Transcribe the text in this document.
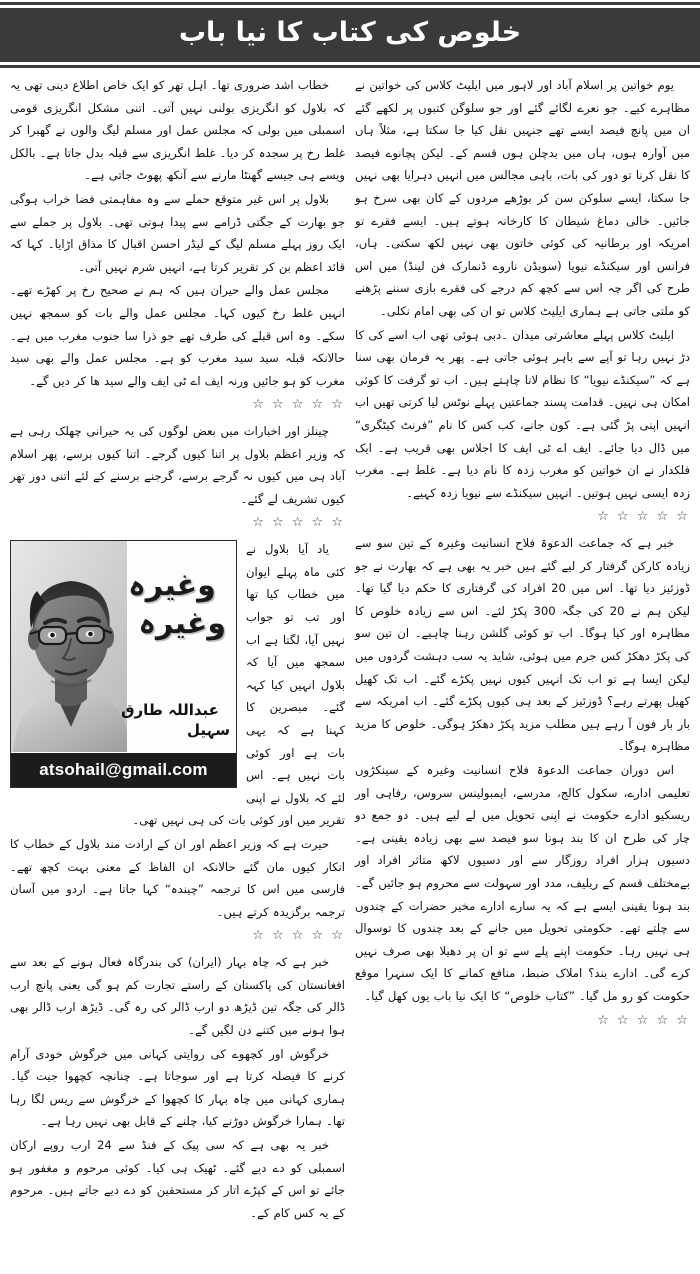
خلوص کی کتاب کا نیا باب

یوم خواتین پر اسلام آباد اور لاہور میں ایلیٹ کلاس کی خواتین نے مظاہرے کیے۔ جو نعرے لگائے گئے اور جو سلوگن کتبوں پر لکھے گئے ان میں پانچ فیصد ایسے تھے جنہیں نقل کیا جا سکتا ہے، مثلاً ہاں میں آوارہ ہوں، ہاں میں بدچلن ہوں قسم کے۔ لیکن پچانوے فیصد کا نقل کرنا تو دور کی بات، باہی مجالس میں انہیں دہرایا بھی نہیں جا سکتا، ایسے سلوکن سن کر بوڑھے مردوں کے کان بھی سرخ ہو جائیں۔ خالی دماغ شیطان کا کارخانہ ہوتے ہیں۔ ایسے فقرے تو امریکہ اور برطانیہ کی کوئی خاتون بھی نہیں لکھ سکتی۔ ہاں، فرانس اور سیکنڈے نیویا (سویڈن ناروے ڈنمارک فن لینڈ) میں اس طرح کی اگر چہ اس سے کچھ کم درجے کی فقرے بازی سننے پڑھنے کو ملتی جاتی ہے ہماری ایلیٹ کلاس تو ان کی بھی امام نکلی۔

ایلیٹ کلاس پہلے معاشرتی میدان ۔دبی ہوئی تھی اب اسے کی کا دڑ نہیں رہا تو آپے سے باہر ہوئی جاتی ہے۔ پھر یہ فرمان بھی سنا ہے کہ ”سیکنڈے نیویا“ کا نظام لانا چاہتے ہیں۔ اب تو گرفت کا کوئی امکان ہی نہیں۔ قدامت پسند جماعتیں پہلے نوٹس لیا کرتی تھیں اب انہیں اپنی پڑ گئی ہے۔ کون جانے، کب کس کا نام ”فرنٹ کیٹگری“ میں ڈال دیا جائے۔ ایف اے ٹی ایف کا اجلاس بھی قریب ہے۔ ایک فلکدار نے ان خواتین کو مغرب زدہ کا نام دیا ہے۔ غلط ہے۔ مغرب زدہ ایسی نہیں ہوتیں۔ انہیں سیکنڈے سے نیویا زدہ کہیے۔

☆ ☆ ☆ ☆ ☆

خبر ہے کہ جماعت الدعوۃ فلاح انسانیت وغیرہ کے تین سو سے زیادہ کارکن گرفتار کر لیے گئے ہیں خبر یہ بھی ہے کہ بھارت نے جو ڈوزئیز دیا تھا۔ اس میں 20 افراد کی گرفتاری کا حکم دیا گیا تھا۔ لیکن ہم نے 20 کی جگہ 300 پکڑ لئے۔ اس سے زیادہ خلوص کا مظاہرہ اور کیا ہوگا۔ اب تو کوئی گلشن رہنا چاہیے۔ ان تین سو کی پکڑ دھکڑ کس جرم میں ہوئی، شاید یہ سب دہشت گردوں میں لیکن ایسا ہے تو اب تک انہیں کیوں نہیں پکڑے گئے۔ اب تک کھیل کھیل پھرتے رہے؟ ڈوزئیز کے بعد ہی کیوں پکڑے گئے۔ اب امریکہ سے بار بار فون آ رہے ہیں مطلب مزید پکڑ دھکڑ ہوگی۔ خلوص کا مزید مظاہرہ ہوگا۔

اس دوران جماعت الدعوۃ فلاح انسانیت وغیرہ کے سینکڑوں تعلیمی ادارے، سکول کالج، مدرسے، ایمبولینس سروس، رفاہی اور ریسکیو ادارے حکومت نے اپنی تحویل میں لے لیے ہیں۔ دو جمع دو چار کی طرح ان کا بند ہونا سو فیصد سے بھی زیادہ یقینی ہے۔ دسیوں ہزار افراد روزگار سے اور دسیوں لاکھ متاثر افراد اور بےمختلف قسم کے ریلیف، مدد اور سہولت سے محروم ہو جائیں گے۔ بند ہونا یقینی ایسے ہے کہ یہ سارے ادارے مخیر حضرات کے چندوں سے چلتے تھے۔ حکومتی تحویل میں جانے کے بعد چندوں کا توسوال ہی نہیں رہا۔ حکومت اپنے پلے سے تو ان پر دھیلا بھی صرف نہیں کرے گی۔ ادارے بند؟ املاک ضبط، منافع کمانے کا ایک سنہرا موقع حکومت کو رو مل گیا۔ ”کتاب خلوص“ کا ایک نیا باب یوں کھل گیا۔

☆ ☆ ☆ ☆ ☆

خطاب اشد ضروری تھا۔ اہل تھر کو ایک خاص اطلاع دینی تھی یہ کہ بلاول کو انگریزی بولنی نہیں آتی۔ اتنی مشکل انگریزی قومی اسمبلی میں بولی کہ مجلس عمل اور مسلم لیگ والوں نے گھبرا کر غلط رخ پر سجدہ کر دیا۔ غلط انگریزی سے قبلہ بدل جاتا ہے۔ بالکل ویسے ہی جیسے گھنٹا مارنے سے آنکھ پھوٹ جاتی ہے۔

بلاول پر اس غیر متوقع حملے سے وہ مفاہمتی فضا خراب ہوگی جو بھارت کے جگتی ڈرامے سے پیدا ہوتی تھی۔ بلاول پر جملے سے ایک روز پہلے مسلم لیگ کے لیڈر احسن اقبال کا مذاق اڑایا۔ کہا کہ قائد اعظم بن کر تقریر کرتا ہے، انہیں شرم نہیں آتی۔

مجلس عمل والے حیران ہیں کہ ہم نے صحیح رخ پر کھڑے تھے۔ انہیں غلط رخ کیوں کہا۔ مجلس عمل والے بات کو سمجھ نہیں سکے۔ وہ اس قبلے کی طرف تھے جو ذرا سا جنوب مغرب میں ہے۔ حالانکہ قبلہ سید سید مغرب کو ہے۔ مجلس عمل والے بھی سید مغرب کو ہو جائیں ورنہ ایف اے ٹی ایف والے سید ھا کر دیں گے۔

☆ ☆ ☆ ☆ ☆

چینلز اور اخبارات میں بعض لوگوں کی یہ حیرانی چھلک رہی ہے کہ وزیر اعظم بلاول پر اتنا کیوں گرجے۔ اتنا کیوں برسے، پھر اسلام آباد ہی میں کیوں نہ گرجے برسے، گرجنے برسنے کے لئے اتنی دور تھر کیوں تشریف لے گئے۔

☆ ☆ ☆ ☆ ☆
وغیرہ وغیرہ
عبداللہ طارق سہیل
atsohail@gmail.com

یاد آیا بلاول نے کئی ماہ پہلے ایوان میں خطاب کیا تھا اور تب تو جواب نہیں آیا، لگتا ہے اب سمجھ میں آیا کہ بلاول انہیں کیا کہہ گئے۔ مبصرین کا کہنا ہے کہ یہی بات ہے اور کوئی بات نہیں ہے۔ اس لئے کہ بلاول نے اپنی تقریر میں اور کوئی بات کی ہی نہیں تھی۔

حیرت ہے کہ وزیر اعظم اور ان کے ارادت مند بلاول کے خطاب کا انکار کیوں مان گئے حالانکہ ان الفاظ کے معنی بہت کچھ تھے۔ فارسی میں اس کا ترجمہ ”چیندہ“ کہا جاتا ہے۔ اردو میں آسان ترجمہ برگزیدہ کرتے ہیں۔

☆ ☆ ☆ ☆ ☆

خبر ہے کہ چاہ بہار (ایران) کی بندرگاہ فعال ہونے کے بعد سے افغانستان کی پاکستان کے راستے تجارت کم ہو گی یعنی پانچ ارب ڈالر کی جگہ تین ڈیڑھ دو ارب ڈالر کی رہ گی۔ ڈیڑھ ارب ڈالر بھی ہوا ہونے میں کتنے دن لگیں گے۔

خرگوش اور کچھوے کی روایتی کہانی میں خرگوش خودی آرام کرنے کا فیصلہ کرتا ہے اور سوجاتا ہے۔ چنانچہ کچھوا جیت گیا۔ ہماری کہانی میں چاہ بہار کا کچھوا کے خرگوش سے ریس لگا رہا تھا۔ ہمارا خرگوش دوڑنے کیا، چلنے کے قابل بھی نہیں رہا ہے۔

خبر یہ بھی ہے کہ سی پیک کے فنڈ سے 24 ارب روپے ارکان اسمبلی کو دے دیے گئے۔ ٹھیک ہی کیا۔ کوئی مرحوم و مغفور ہو جائے تو اس کے کپڑے اتار کر مستحقین کو دے دیے جاتے ہیں۔ مرحوم کے یہ کس کام کے۔
